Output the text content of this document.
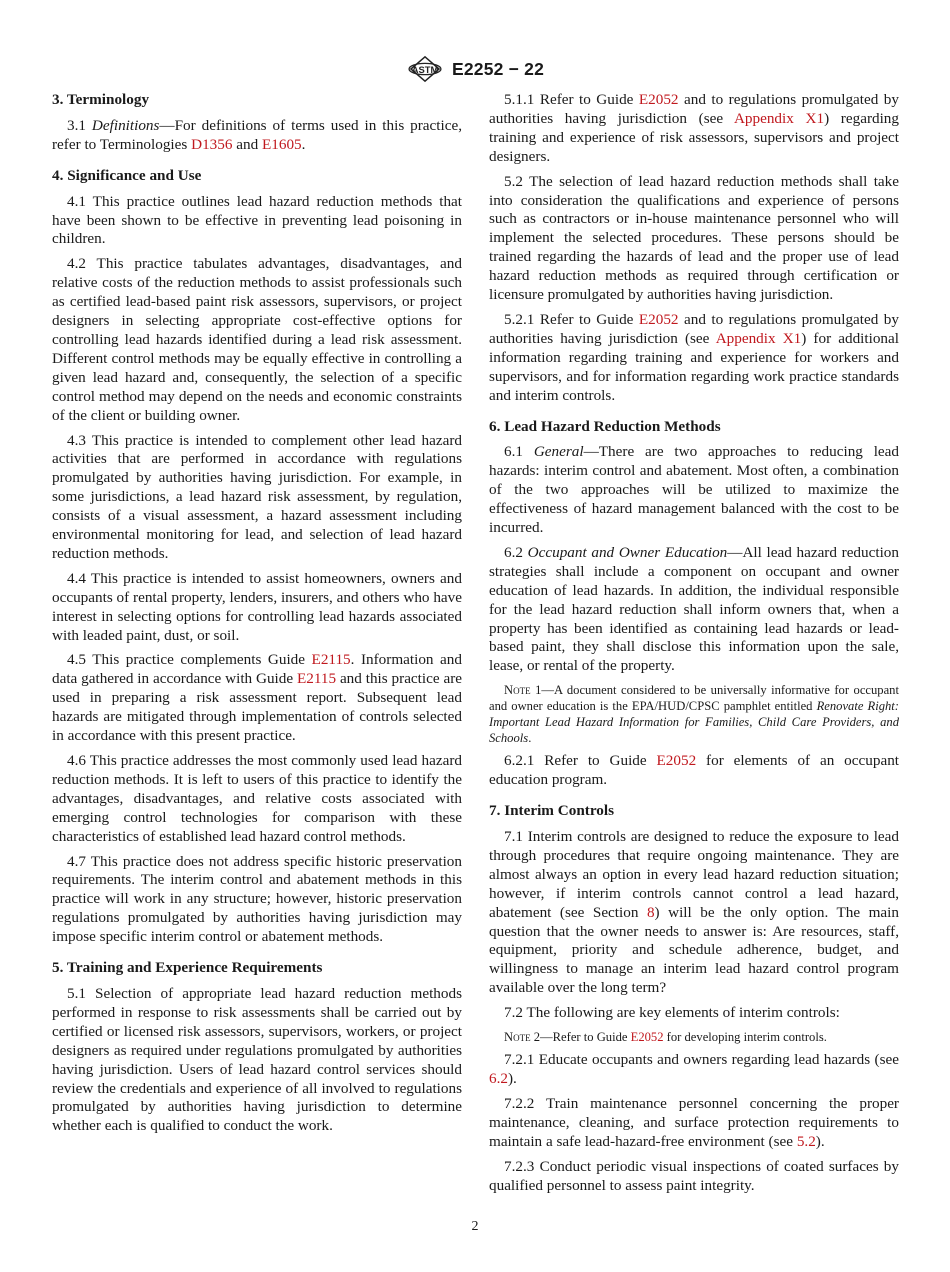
ASTM E2252 − 22
3. Terminology

3.1 Definitions—For definitions of terms used in this practice, refer to Terminologies D1356 and E1605.

4. Significance and Use

4.1 This practice outlines lead hazard reduction methods that have been shown to be effective in preventing lead poisoning in children.

4.2 This practice tabulates advantages, disadvantages, and relative costs of the reduction methods to assist professionals such as certified lead-based paint risk assessors, supervisors, or project designers in selecting appropriate cost-effective options for controlling lead hazards identified during a lead risk assessment. Different control methods may be equally effective in controlling a given lead hazard and, consequently, the selection of a specific control method may depend on the needs and economic constraints of the client or building owner.

4.3 This practice is intended to complement other lead hazard activities that are performed in accordance with regulations promulgated by authorities having jurisdiction. For example, in some jurisdictions, a lead hazard risk assessment, by regulation, consists of a visual assessment, a hazard assessment including environmental monitoring for lead, and selection of lead hazard reduction methods.

4.4 This practice is intended to assist homeowners, owners and occupants of rental property, lenders, insurers, and others who have interest in selecting options for controlling lead hazards associated with leaded paint, dust, or soil.

4.5 This practice complements Guide E2115. Information and data gathered in accordance with Guide E2115 and this practice are used in preparing a risk assessment report. Subsequent lead hazards are mitigated through implementation of controls selected in accordance with this present practice.

4.6 This practice addresses the most commonly used lead hazard reduction methods. It is left to users of this practice to identify the advantages, disadvantages, and relative costs associated with emerging control technologies for comparison with these characteristics of established lead hazard control methods.

4.7 This practice does not address specific historic preservation requirements. The interim control and abatement methods in this practice will work in any structure; however, historic preservation regulations promulgated by authorities having jurisdiction may impose specific interim control or abatement methods.

5. Training and Experience Requirements

5.1 Selection of appropriate lead hazard reduction methods performed in response to risk assessments shall be carried out by certified or licensed risk assessors, supervisors, workers, or project designers as required under regulations promulgated by authorities having jurisdiction. Users of lead hazard control services should review the credentials and experience of all involved to regulations promulgated by authorities having jurisdiction to determine whether each is qualified to conduct the work.

5.1.1 Refer to Guide E2052 and to regulations promulgated by authorities having jurisdiction (see Appendix X1) regarding training and experience of risk assessors, supervisors and project designers.

5.2 The selection of lead hazard reduction methods shall take into consideration the qualifications and experience of persons such as contractors or in-house maintenance personnel who will implement the selected procedures. These persons should be trained regarding the hazards of lead and the proper use of lead hazard reduction methods as required through certification or licensure promulgated by authorities having jurisdiction.

5.2.1 Refer to Guide E2052 and to regulations promulgated by authorities having jurisdiction (see Appendix X1) for additional information regarding training and experience for workers and supervisors, and for information regarding work practice standards and interim controls.

6. Lead Hazard Reduction Methods

6.1 General—There are two approaches to reducing lead hazards: interim control and abatement. Most often, a combination of the two approaches will be utilized to maximize the effectiveness of hazard management balanced with the cost to be incurred.

6.2 Occupant and Owner Education—All lead hazard reduction strategies shall include a component on occupant and owner education of lead hazards. In addition, the individual responsible for the lead hazard reduction shall inform owners that, when a property has been identified as containing lead hazards or lead-based paint, they shall disclose this information upon the sale, lease, or rental of the property.

Note 1—A document considered to be universally informative for occupant and owner education is the EPA/HUD/CPSC pamphlet entitled Renovate Right: Important Lead Hazard Information for Families, Child Care Providers, and Schools.

6.2.1 Refer to Guide E2052 for elements of an occupant education program.

7. Interim Controls

7.1 Interim controls are designed to reduce the exposure to lead through procedures that require ongoing maintenance. They are almost always an option in every lead hazard reduction situation; however, if interim controls cannot control a lead hazard, abatement (see Section 8) will be the only option. The main question that the owner needs to answer is: Are resources, staff, equipment, priority and schedule adherence, budget, and willingness to manage an interim lead hazard control program available over the long term?

7.2 The following are key elements of interim controls:

Note 2—Refer to Guide E2052 for developing interim controls.

7.2.1 Educate occupants and owners regarding lead hazards (see 6.2).

7.2.2 Train maintenance personnel concerning the proper maintenance, cleaning, and surface protection requirements to maintain a safe lead-hazard-free environment (see 5.2).

7.2.3 Conduct periodic visual inspections of coated surfaces by qualified personnel to assess paint integrity.

2
